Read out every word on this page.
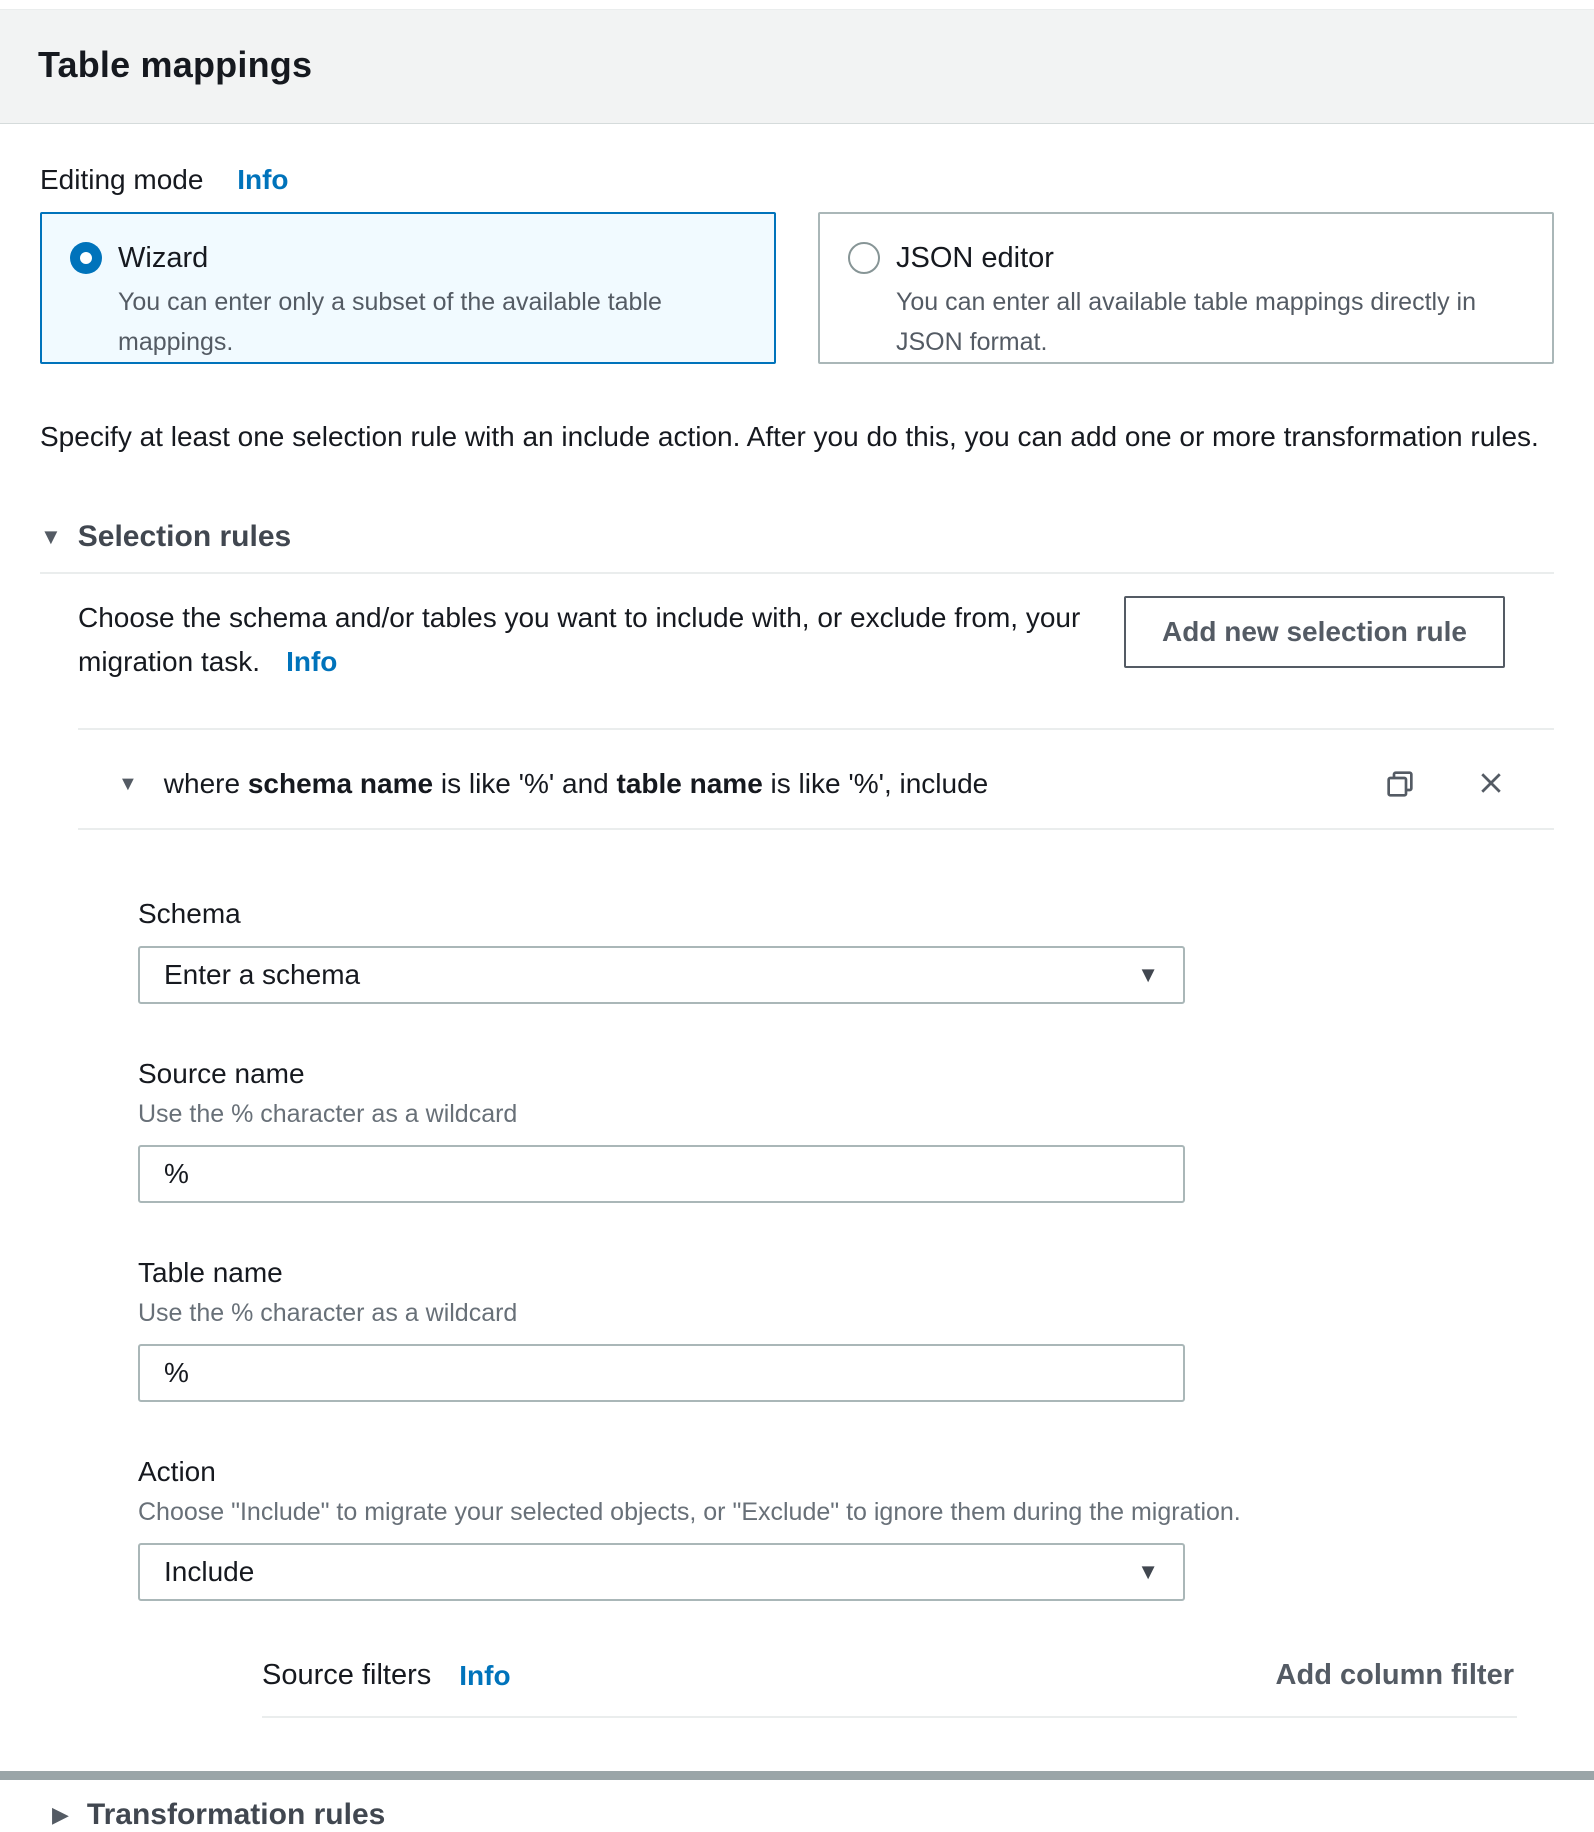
Table mappings
Editing mode Info
Wizard
You can enter only a subset of the available table mappings.
JSON editor
You can enter all available table mappings directly in JSON format.

Specify at least one selection rule with an include action. After you do this, you can add one or more transformation rules.

▼ Selection rules

Choose the schema and/or tables you want to include with, or exclude from, your migration task. Info

Add new selection rule
▼ where schema name is like '%' and table name is like '%', include

Schema
Enter a schema	▼
Source name
Use the % character as a wildcard
%
Table name
Use the % character as a wildcard
%
Action
Choose "Include" to migrate your selected objects, or "Exclude" to ignore them during the migration.
Include	▼
Source filters Info	Add column filter
▶ Transformation rules
